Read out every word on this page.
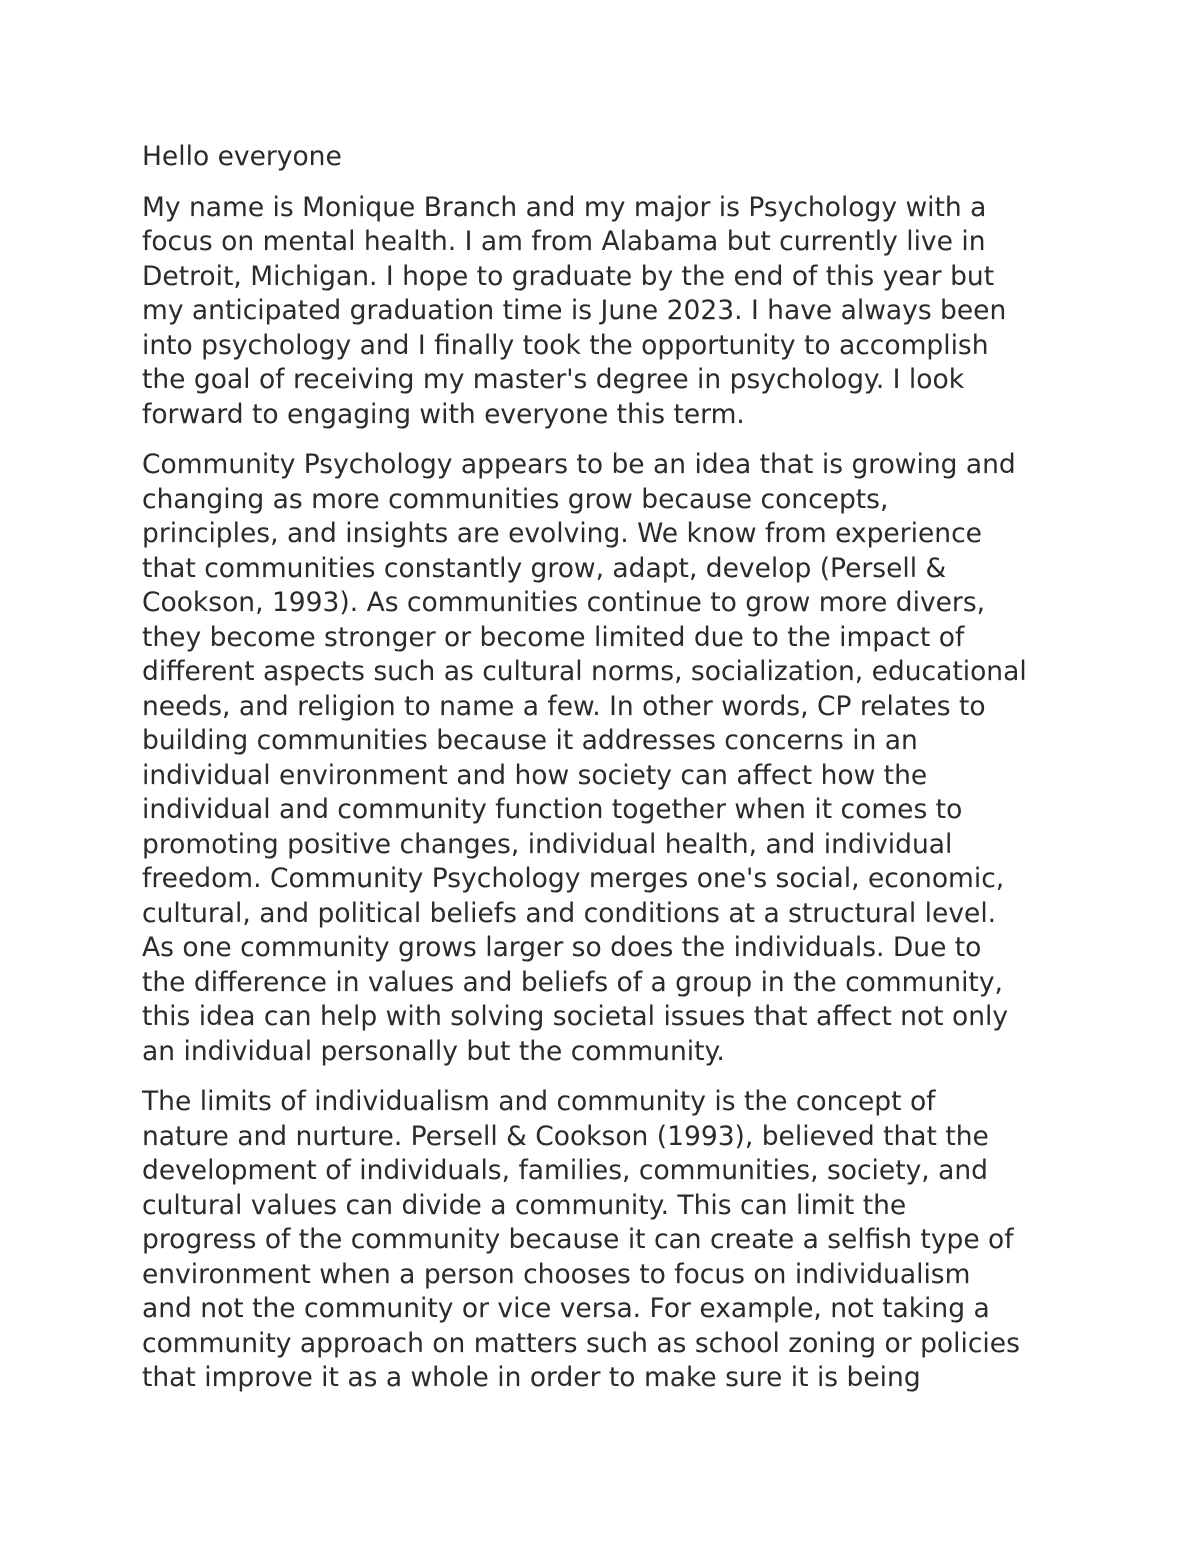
Hello everyone

My name is Monique Branch and my major is Psychology with a
focus on mental health. I am from Alabama but currently live in
Detroit, Michigan. I hope to graduate by the end of this year but
my anticipated graduation time is June 2023. I have always been
into psychology and I finally took the opportunity to accomplish
the goal of receiving my master's degree in psychology. I look
forward to engaging with everyone this term.

Community Psychology appears to be an idea that is growing and
changing as more communities grow because concepts,
principles, and insights are evolving. We know from experience
that communities constantly grow, adapt, develop (Persell &
Cookson, 1993). As communities continue to grow more divers,
they become stronger or become limited due to the impact of
different aspects such as cultural norms, socialization, educational
needs, and religion to name a few. In other words, CP relates to
building communities because it addresses concerns in an
individual environment and how society can affect how the
individual and community function together when it comes to
promoting positive changes, individual health, and individual
freedom. Community Psychology merges one's social, economic,
cultural, and political beliefs and conditions at a structural level.
As one community grows larger so does the individuals. Due to
the difference in values and beliefs of a group in the community,
this idea can help with solving societal issues that affect not only
an individual personally but the community.

The limits of individualism and community is the concept of
nature and nurture. Persell & Cookson (1993), believed that the
development of individuals, families, communities, society, and
cultural values can divide a community. This can limit the
progress of the community because it can create a selfish type of
environment when a person chooses to focus on individualism
and not the community or vice versa. For example, not taking a
community approach on matters such as school zoning or policies
that improve it as a whole in order to make sure it is being
